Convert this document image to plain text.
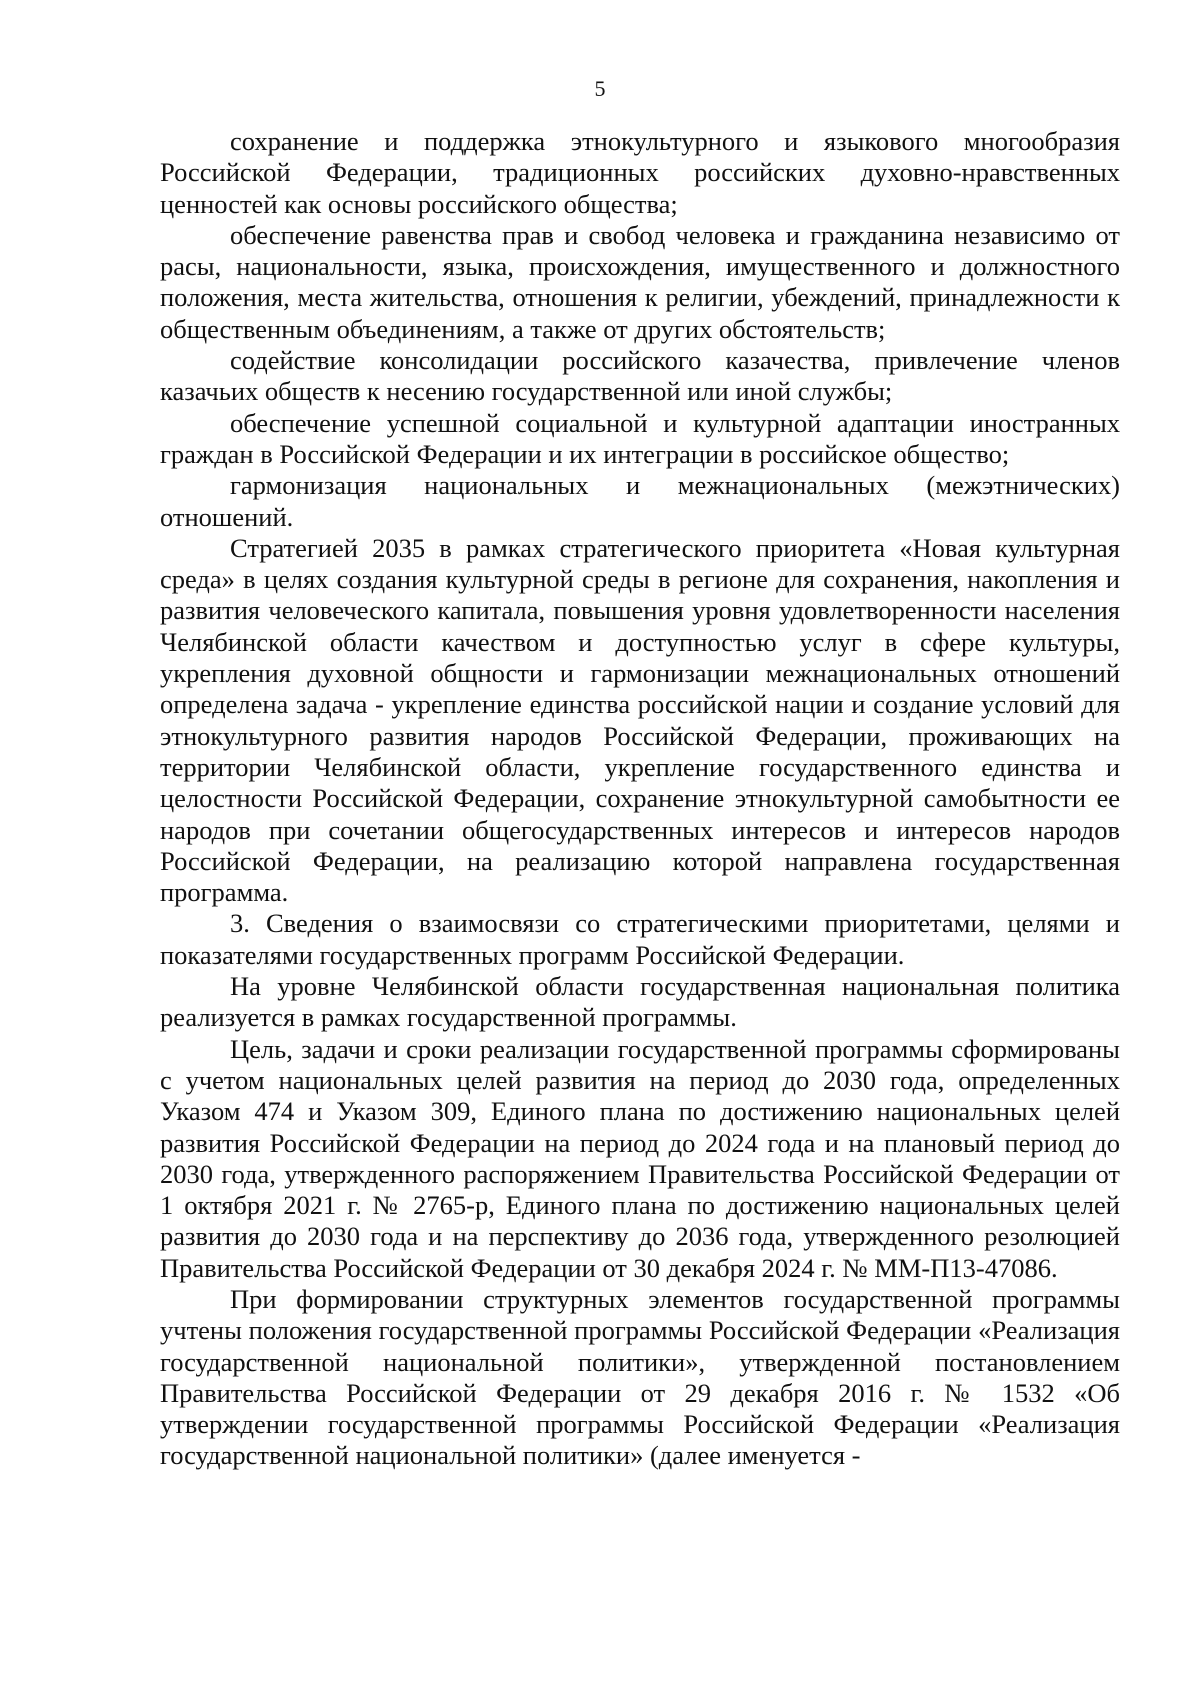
5

сохранение и поддержка этнокультурного и языкового многообразия Российской Федерации, традиционных российских духовно-нравственных ценностей как основы российского общества;

обеспечение равенства прав и свобод человека и гражданина независимо от расы, национальности, языка, происхождения, имущественного и должностного положения, места жительства, отношения к религии, убеждений, принадлежности к общественным объединениям, а также от других обстоятельств;

содействие консолидации российского казачества, привлечение членов казачьих обществ к несению государственной или иной службы;

обеспечение успешной социальной и культурной адаптации иностранных граждан в Российской Федерации и их интеграции в российское общество;

гармонизация национальных и межнациональных (межэтнических) отношений.

Стратегией 2035 в рамках стратегического приоритета «Новая культурная среда» в целях создания культурной среды в регионе для сохранения, накопления и развития человеческого капитала, повышения уровня удовлетворенности населения Челябинской области качеством и доступностью услуг в сфере культуры, укрепления духовной общности и гармонизации межнациональных отношений определена задача - укрепление единства российской нации и создание условий для этнокультурного развития народов Российской Федерации, проживающих на территории Челябинской области, укрепление государственного единства и целостности Российской Федерации, сохранение этнокультурной самобытности ее народов при сочетании общегосударственных интересов и интересов народов Российской Федерации, на реализацию которой направлена государственная программа.

3. Сведения о взаимосвязи со стратегическими приоритетами, целями и показателями государственных программ Российской Федерации.

На уровне Челябинской области государственная национальная политика реализуется в рамках государственной программы.

Цель, задачи и сроки реализации государственной программы сформированы с учетом национальных целей развития на период до 2030 года, определенных Указом 474 и Указом 309, Единого плана по достижению национальных целей развития Российской Федерации на период до 2024 года и на плановый период до 2030 года, утвержденного распоряжением Правительства Российской Федерации от 1 октября 2021 г. № 2765-р, Единого плана по достижению национальных целей развития до 2030 года и на перспективу до 2036 года, утвержденного резолюцией Правительства Российской Федерации от 30 декабря 2024 г. № ММ-П13-47086.

При формировании структурных элементов государственной программы учтены положения государственной программы Российской Федерации «Реализация государственной национальной политики», утвержденной постановлением Правительства Российской Федерации от 29 декабря 2016 г. № 1532 «Об утверждении государственной программы Российской Федерации «Реализация государственной национальной политики» (далее именуется -
